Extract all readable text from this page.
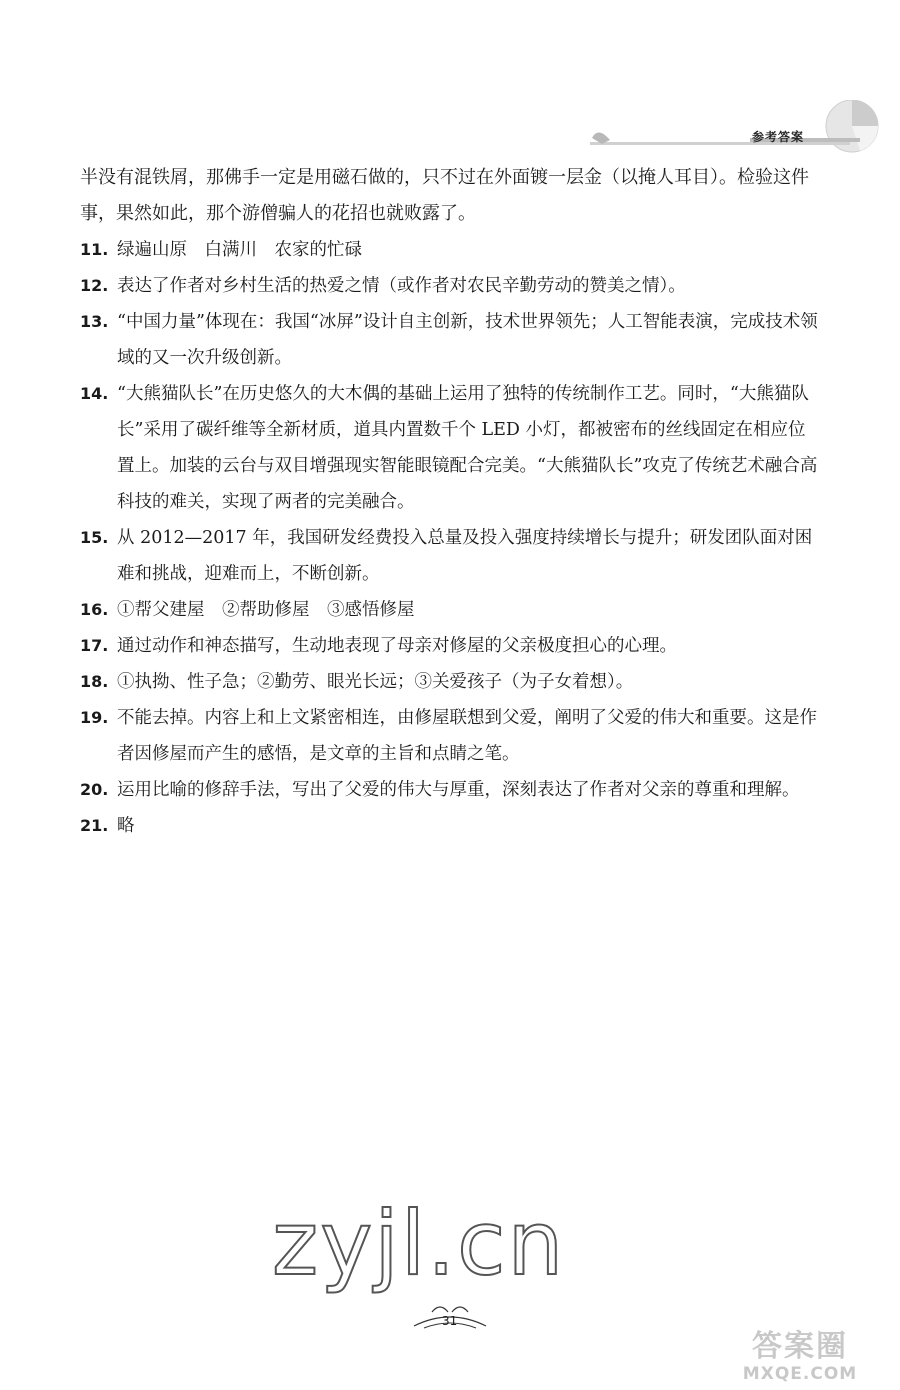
参考答案

半没有混铁屑，那佛手一定是用磁石做的，只不过在外面镀一层金（以掩人耳目）。检验这件事，果然如此，那个游僧骗人的花招也就败露了。

11. 绿遍山原　白满川　农家的忙碌
12. 表达了作者对乡村生活的热爱之情（或作者对农民辛勤劳动的赞美之情）。
13. “中国力量”体现在：我国“冰屏”设计自主创新，技术世界领先；人工智能表演，完成技术领域的又一次升级创新。
14. “大熊猫队长”在历史悠久的大木偶的基础上运用了独特的传统制作工艺。同时，“大熊猫队长”采用了碳纤维等全新材质，道具内置数千个 LED 小灯，都被密布的丝线固定在相应位置上。加装的云台与双目增强现实智能眼镜配合完美。“大熊猫队长”攻克了传统艺术融合高科技的难关，实现了两者的完美融合。
15. 从 2012—2017 年，我国研发经费投入总量及投入强度持续增长与提升；研发团队面对困难和挑战，迎难而上，不断创新。
16. ①帮父建屋　②帮助修屋　③感悟修屋
17. 通过动作和神态描写，生动地表现了母亲对修屋的父亲极度担心的心理。
18. ①执拗、性子急；②勤劳、眼光长远；③关爱孩子（为子女着想）。
19. 不能去掉。内容上和上文紧密相连，由修屋联想到父爱，阐明了父爱的伟大和重要。这是作者因修屋而产生的感悟，是文章的主旨和点睛之笔。
20. 运用比喻的修辞手法，写出了父爱的伟大与厚重，深刻表达了作者对父亲的尊重和理解。
21. 略
zyjl.cn
31
答案圈
MXQE.COM
